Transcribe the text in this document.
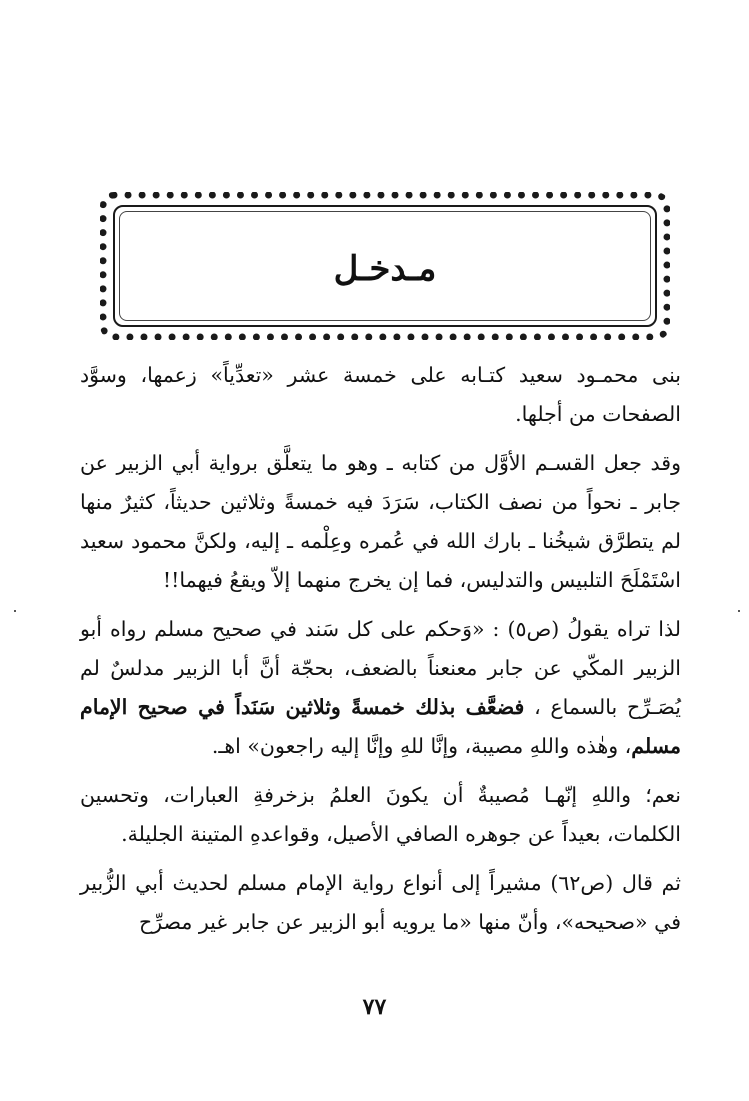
مـدخـل

بنى محمـود سعيد كتـابه على خمسة عشر «تعدِّياً» زعمها، وسوَّد الصفحات من أجلها.

وقد جعل القسـم الأوَّل من كتابه ـ وهو ما يتعلَّق برواية أبي الزبير عن جابر ـ نحواً من نصف الكتاب، سَرَدَ فيه خمسةً وثلاثين حديثاً، كثيرٌ منها لم يتطرَّق شيخُنا ـ بارك الله في عُمره وعِلْمه ـ إليه، ولكنَّ محمود سعيد اسْتَمْلَحَ التلبيس والتدليس، فما إن يخرج منهما إلاّ ويقعُ فيهما!!

لذا تراه يقولُ (ص٥) : «وَحكم على كل سَند في صحيح مسلم رواه أبو الزبير المكّي عن جابر معنعناً بالضعف، بحجّة أنَّ أبا الزبير مدلسٌ لم يُصَـرِّح بالسماع ، فضعَّف بذلك خمسةً وثلاثين سَنَداً في صحيح الإمام مسلم، وهٰذه واللهِ مصيبة، وإنَّا للهِ وإنَّا إليه راجعون» اهـ.

نعم؛ واللهِ إنّهـا مُصيبةٌ أن يكونَ العلمُ بزخرفةِ العبارات، وتحسين الكلمات، بعيداً عن جوهره الصافي الأصيل، وقواعدهِ المتينة الجليلة.

ثم قال (ص٦٢) مشيراً إلى أنواع رواية الإمام مسلم لحديث أبي الزُّبير في «صحيحه»، وأنّ منها «ما يرويه أبو الزبير عن جابر غير مصرِّح

٧٧
